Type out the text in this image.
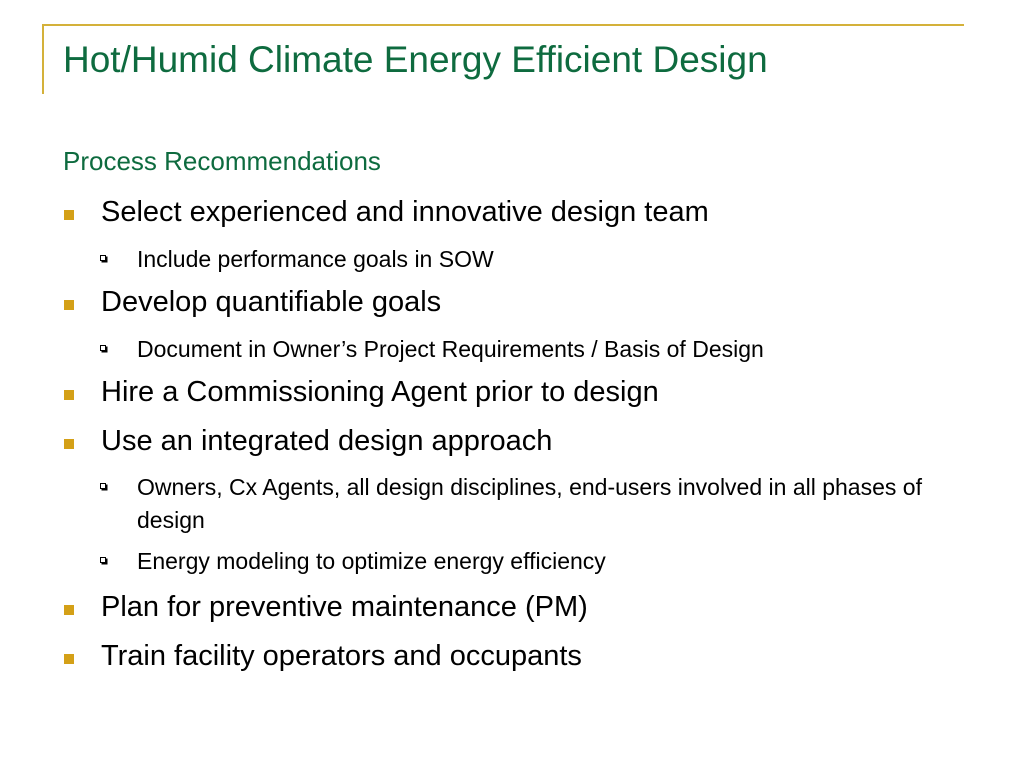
Hot/Humid Climate Energy Efficient Design
Process Recommendations
Select experienced and innovative design team
Include performance goals in SOW
Develop quantifiable goals
Document in Owner’s Project Requirements / Basis of Design
Hire a Commissioning Agent prior to design
Use an integrated design approach
Owners, Cx Agents, all design disciplines, end-users involved in all phases of design
Energy modeling to optimize energy efficiency
Plan for preventive maintenance (PM)
Train facility operators and occupants
